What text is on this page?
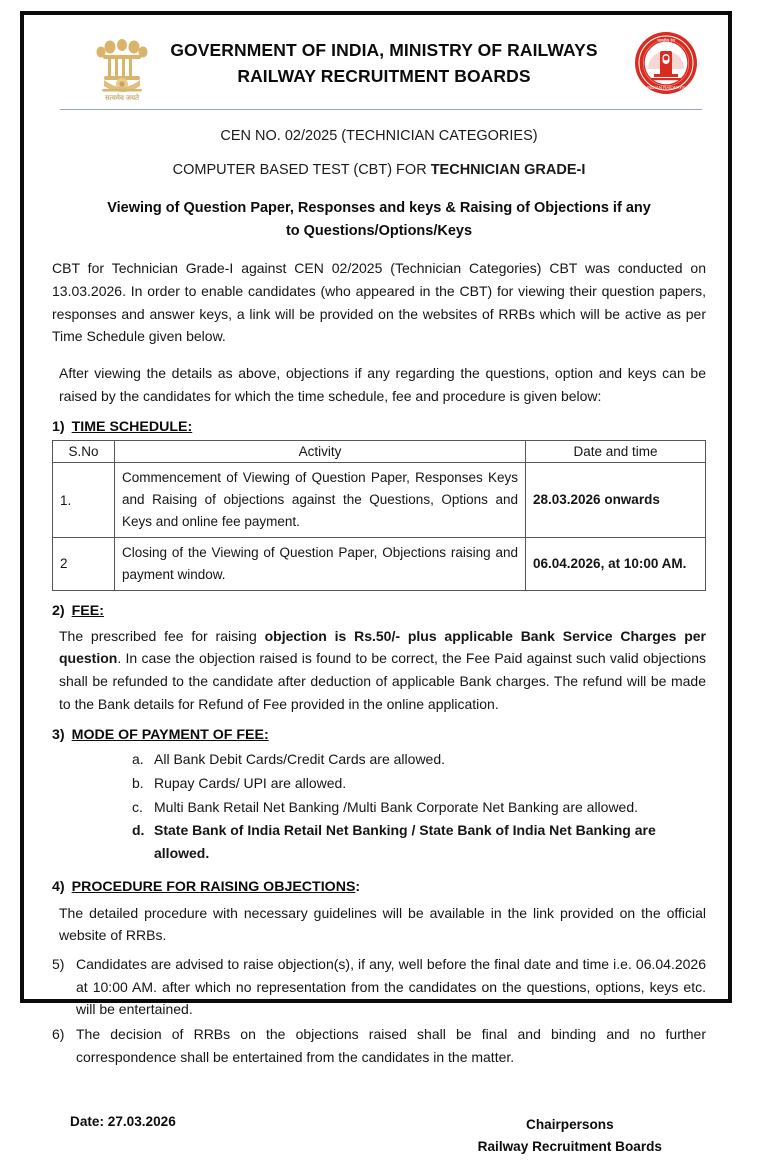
सत्यमेव जयते
भारतीय रेल
INDIAN RAILWAYS
GOVERNMENT OF INDIA, MINISTRY OF RAILWAYS
RAILWAY RECRUITMENT BOARDS
CEN NO. 02/2025 (TECHNICIAN CATEGORIES)
COMPUTER BASED TEST (CBT) FOR TECHNICIAN GRADE-I
Viewing of Question Paper, Responses and keys & Raising of Objections if any
to Questions/Options/Keys
CBT for Technician Grade-I against CEN 02/2025 (Technician Categories) CBT was conducted on 13.03.2026. In order to enable candidates (who appeared in the CBT) for viewing their question papers, responses and answer keys, a link will be provided on the websites of RRBs which will be active as per Time Schedule given below.
After viewing the details as above, objections if any regarding the questions, option and keys can be raised by the candidates for which the time schedule, fee and procedure is given below:
1) TIME SCHEDULE:
S.No	Activity	Date and time
1.	Commencement of Viewing of Question Paper, Responses Keys and Raising of objections against the Questions, Options and Keys and online fee payment.	28.03.2026 onwards
2	Closing of the Viewing of Question Paper, Objections raising and payment window.	06.04.2026, at 10:00 AM.
2) FEE:
The prescribed fee for raising objection is Rs.50/- plus applicable Bank Service Charges per question. In case the objection raised is found to be correct, the Fee Paid against such valid objections shall be refunded to the candidate after deduction of applicable Bank charges. The refund will be made to the Bank details for Refund of Fee provided in the online application.
3) MODE OF PAYMENT OF FEE:
a. All Bank Debit Cards/Credit Cards are allowed.
b. Rupay Cards/ UPI are allowed.
c. Multi Bank Retail Net Banking /Multi Bank Corporate Net Banking are allowed.
d. State Bank of India Retail Net Banking / State Bank of India Net Banking are allowed.
4) PROCEDURE FOR RAISING OBJECTIONS:
The detailed procedure with necessary guidelines will be available in the link provided on the official website of RRBs.
5) Candidates are advised to raise objection(s), if any, well before the final date and time i.e. 06.04.2026 at 10:00 AM. after which no representation from the candidates on the questions, options, keys etc. will be entertained.
6) The decision of RRBs on the objections raised shall be final and binding and no further correspondence shall be entertained from the candidates in the matter.
Date: 27.03.2026	Chairpersons
Railway Recruitment Boards
